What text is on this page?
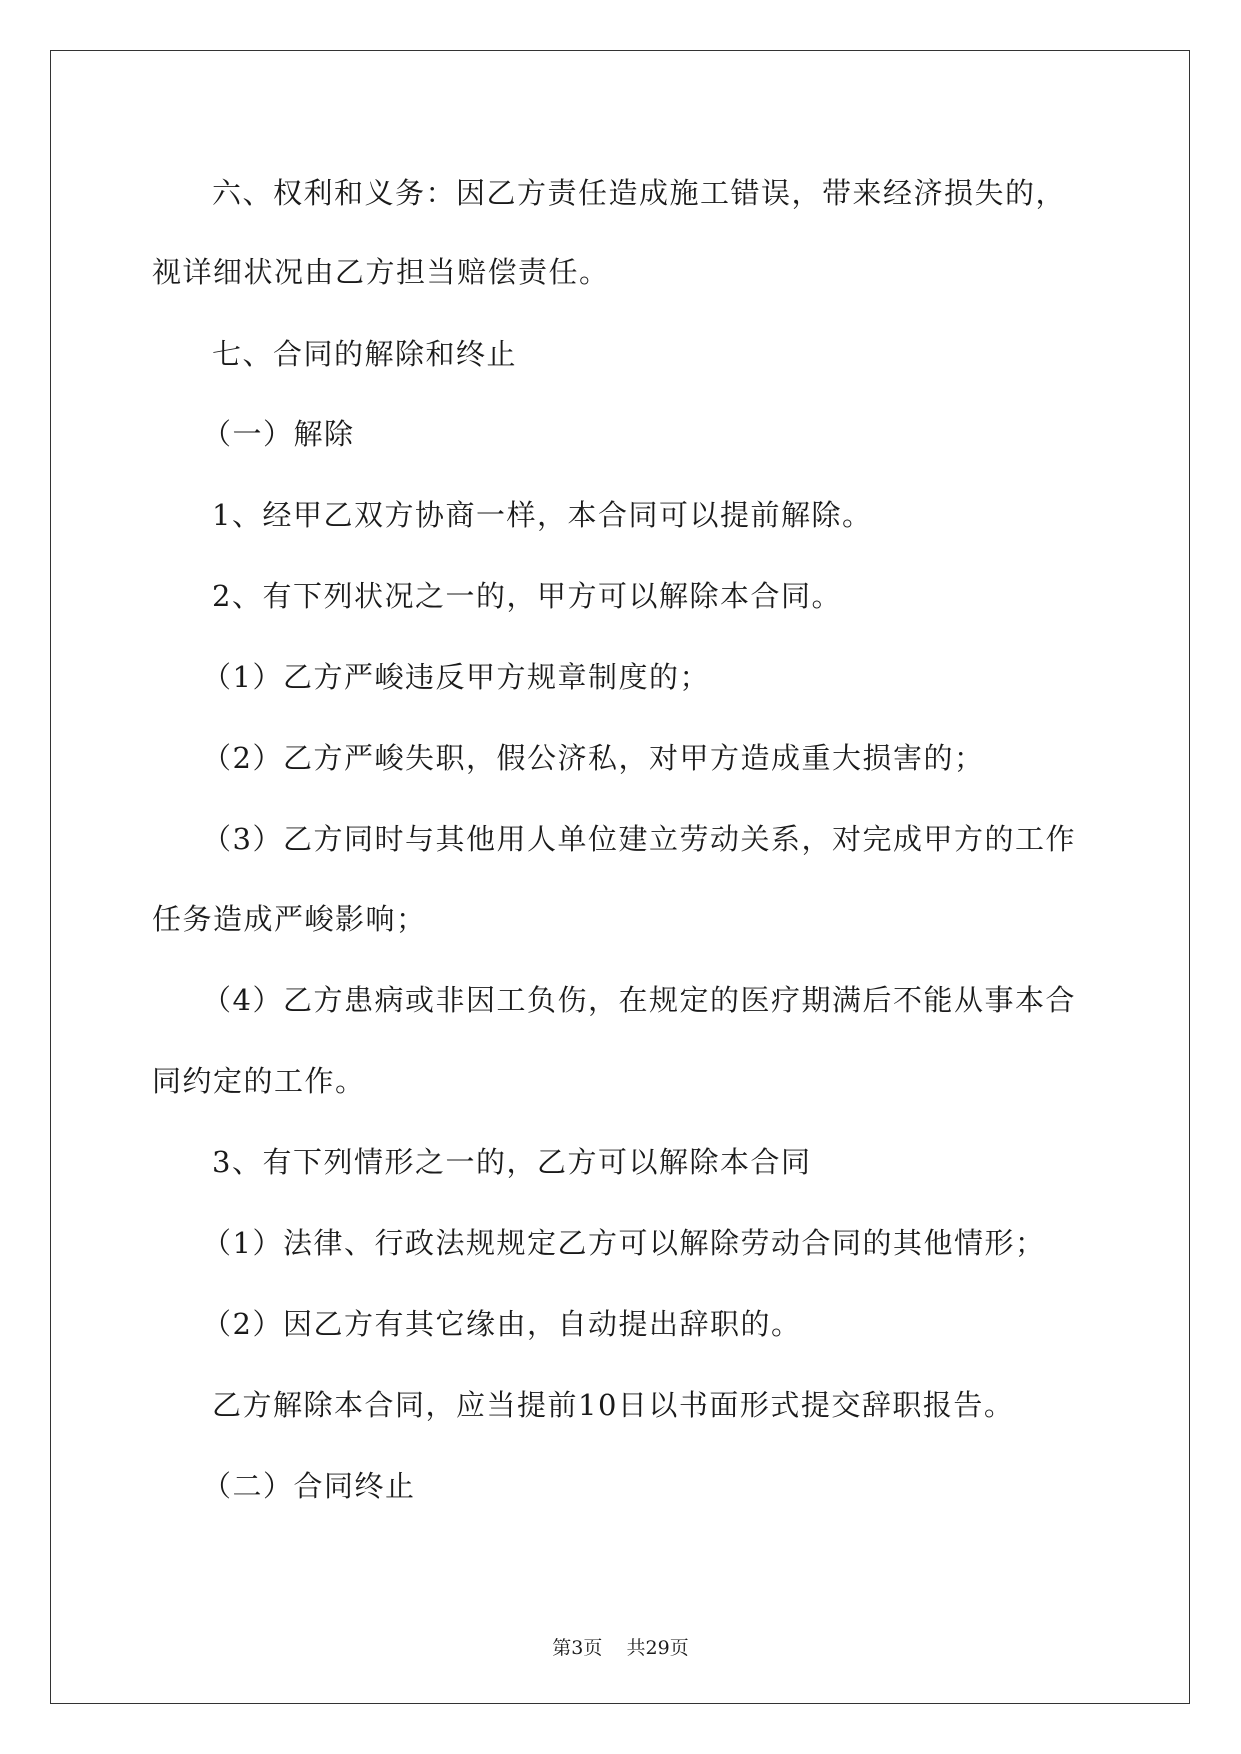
六、权利和义务：因乙方责任造成施工错误，带来经济损失的，
视详细状况由乙方担当赔偿责任。
七、合同的解除和终止
（一）解除
1、经甲乙双方协商一样，本合同可以提前解除。
2、有下列状况之一的，甲方可以解除本合同。
（1）乙方严峻违反甲方规章制度的；
（2）乙方严峻失职，假公济私，对甲方造成重大损害的；
（3）乙方同时与其他用人单位建立劳动关系，对完成甲方的工作
任务造成严峻影响；
（4）乙方患病或非因工负伤，在规定的医疗期满后不能从事本合
同约定的工作。
3、有下列情形之一的，乙方可以解除本合同
（1）法律、行政法规规定乙方可以解除劳动合同的其他情形；
（2）因乙方有其它缘由，自动提出辞职的。
乙方解除本合同，应当提前10日以书面形式提交辞职报告。
（二）合同终止
第3页 共29页
